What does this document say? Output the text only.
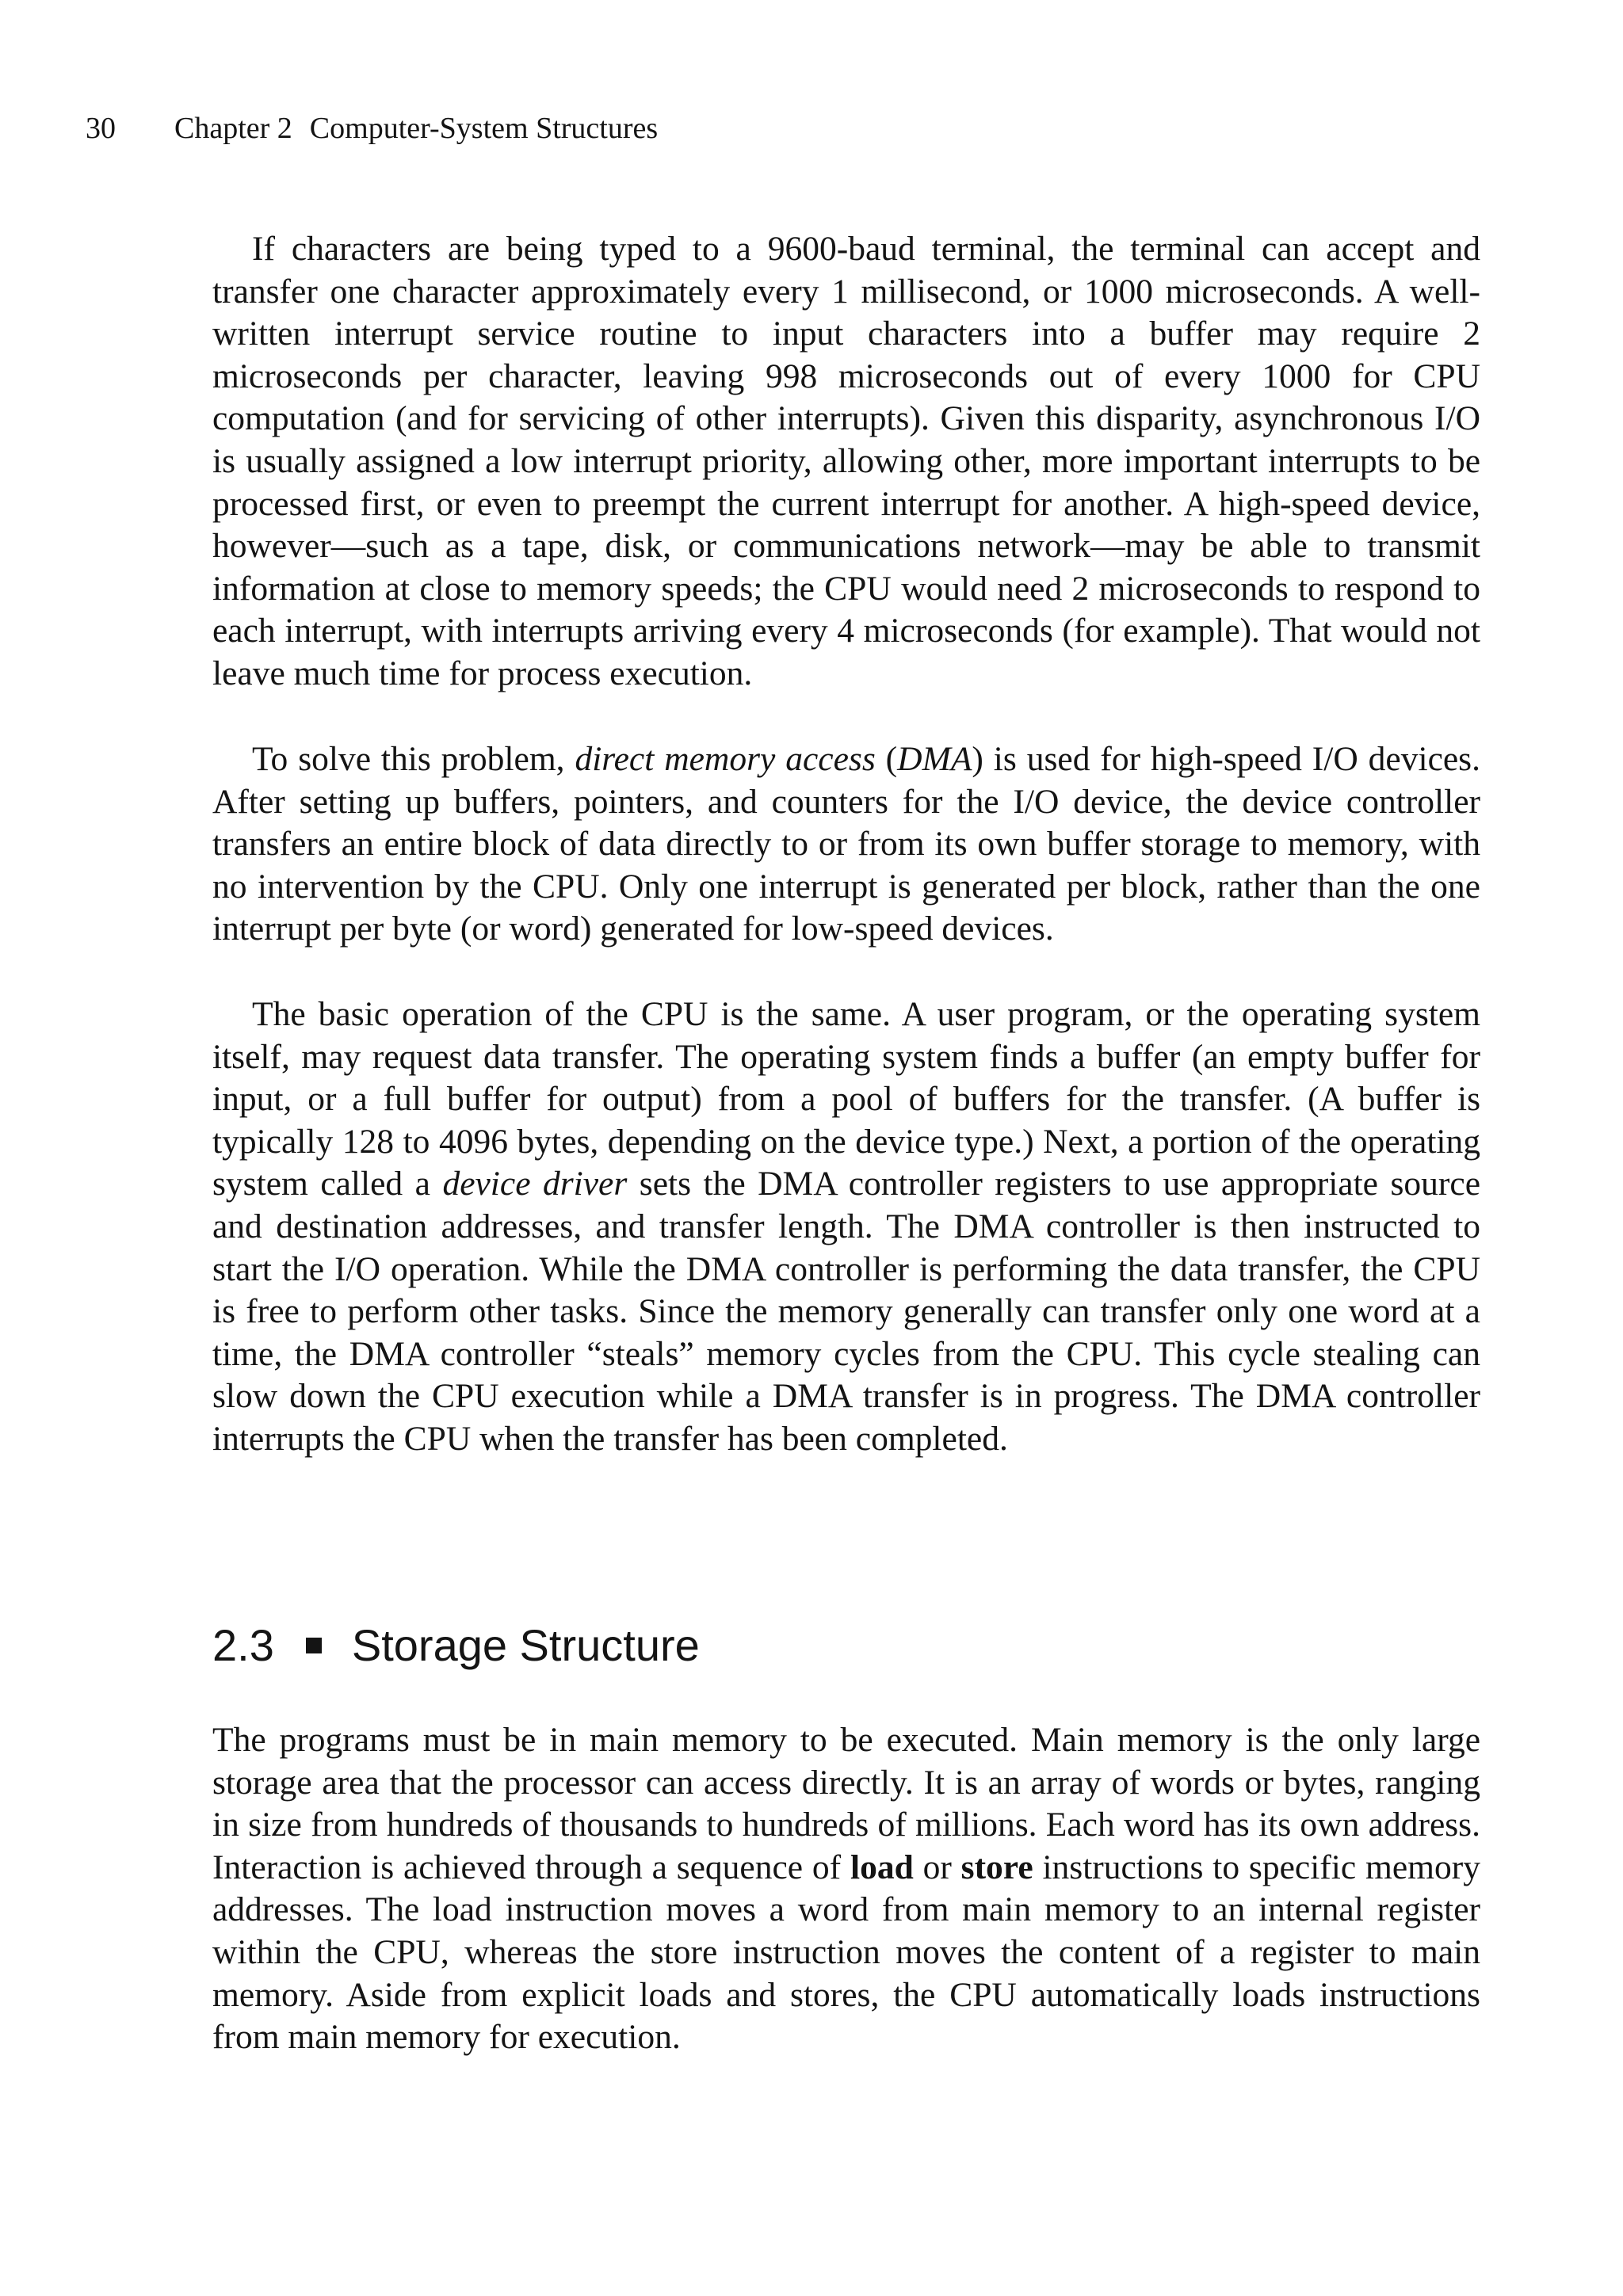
30 Chapter 2 Computer-System Structures

If characters are being typed to a 9600-baud terminal, the terminal can accept and transfer one character approximately every 1 millisecond, or 1000 microseconds. A well-written interrupt service routine to input characters into a buffer may require 2 microseconds per character, leaving 998 microseconds out of every 1000 for CPU computation (and for servicing of other interrupts). Given this disparity, asynchronous I/O is usually assigned a low interrupt priority, allowing other, more important interrupts to be processed first, or even to preempt the current interrupt for another. A high-speed device, however—such as a tape, disk, or communications network—may be able to transmit information at close to memory speeds; the CPU would need 2 microseconds to respond to each interrupt, with interrupts arriving every 4 microseconds (for example). That would not leave much time for process execution.

To solve this problem, direct memory access (DMA) is used for high-speed I/O devices. After setting up buffers, pointers, and counters for the I/O device, the device controller transfers an entire block of data directly to or from its own buffer storage to memory, with no intervention by the CPU. Only one interrupt is generated per block, rather than the one interrupt per byte (or word) generated for low-speed devices.

The basic operation of the CPU is the same. A user program, or the operating system itself, may request data transfer. The operating system finds a buffer (an empty buffer for input, or a full buffer for output) from a pool of buffers for the transfer. (A buffer is typically 128 to 4096 bytes, depending on the device type.) Next, a portion of the operating system called a device driver sets the DMA controller registers to use appropriate source and destination addresses, and transfer length. The DMA controller is then instructed to start the I/O operation. While the DMA controller is performing the data transfer, the CPU is free to perform other tasks. Since the memory generally can transfer only one word at a time, the DMA controller “steals” memory cycles from the CPU. This cycle stealing can slow down the CPU execution while a DMA transfer is in progress. The DMA controller interrupts the CPU when the transfer has been completed.

2.3 Storage Structure

The programs must be in main memory to be executed. Main memory is the only large storage area that the processor can access directly. It is an array of words or bytes, ranging in size from hundreds of thousands to hundreds of millions. Each word has its own address. Interaction is achieved through a sequence of load or store instructions to specific memory addresses. The load instruction moves a word from main memory to an internal register within the CPU, whereas the store instruction moves the content of a register to main memory. Aside from explicit loads and stores, the CPU automatically loads instructions from main memory for execution.
